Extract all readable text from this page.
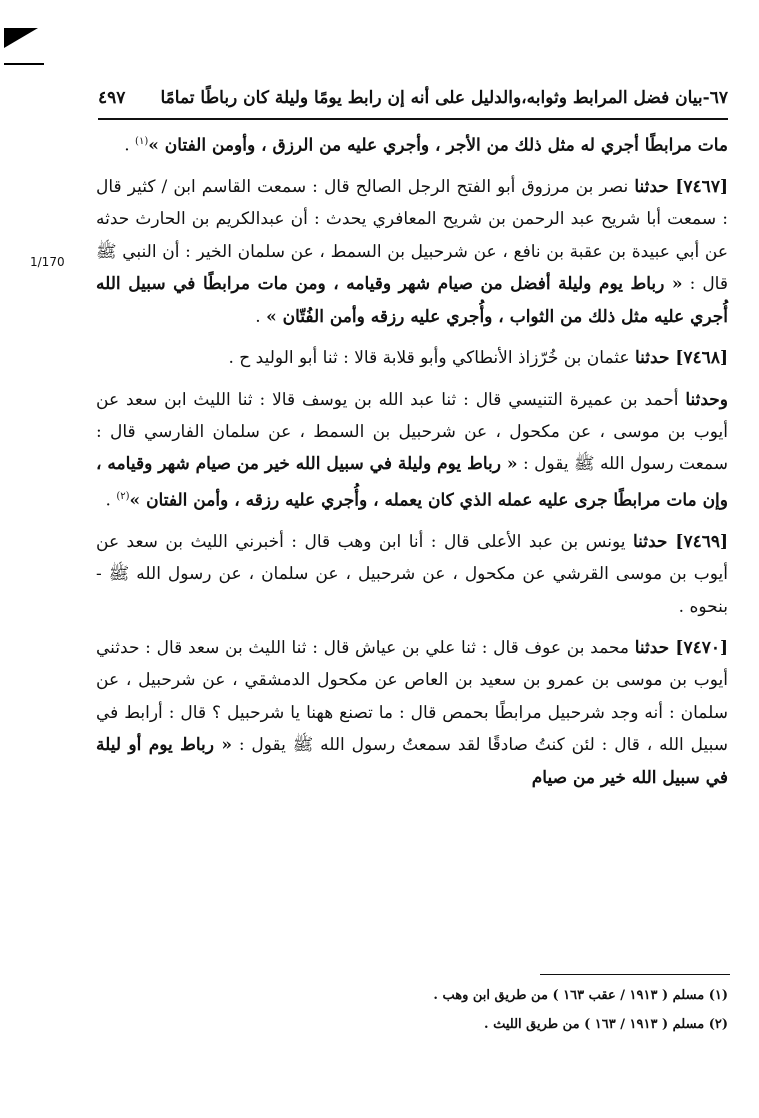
٦٧-بيان فضل المرابط وثوابه،والدليل على أنه إن رابط يومًا وليلة كان رباطًا تمامًا
٤٩٧
1/170

مات مرابطًا أجري له مثل ذلك من الأجر ، وأجري عليه من الرزق ، وأومن الفتان »$^{(١)}$ .

[٧٤٦٧] حدثنا نصر بن مرزوق أبو الفتح الرجل الصالح قال : سمعت القاسم ابن / كثير قال : سمعت أبا شريح عبد الرحمن بن شريح المعافري يحدث : أن عبدالكريم بن الحارث حدثه عن أبي عبيدة بن عقبة بن نافع ، عن شرحبيل بن السمط ، عن سلمان الخير : أن النبي ﷺ قال : « رباط يوم وليلة أفضل من صيام شهر وقيامه ، ومن مات مرابطًا في سبيل الله أُجري عليه مثل ذلك من الثواب ، وأُجري عليه رزقه وأمن الفُتّان » .

[٧٤٦٨] حدثنا عثمان بن خُرّزاذ الأنطاكي وأبو قلابة قالا : ثنا أبو الوليد ح .

وحدثنا أحمد بن عميرة التنيسي قال : ثنا عبد الله بن يوسف قالا : ثنا الليث ابن سعد عن أيوب بن موسى ، عن مكحول ، عن شرحبيل بن السمط ، عن سلمان الفارسي قال : سمعت رسول الله ﷺ يقول : « رباط يوم وليلة في سبيل الله خير من صيام شهر وقيامه ، وإن مات مرابطًا جرى عليه عمله الذي كان يعمله ، وأُجري عليه رزقه ، وأمن الفتان »$^{(٢)}$ .

[٧٤٦٩] حدثنا يونس بن عبد الأعلى قال : أنا ابن وهب قال : أخبرني الليث بن سعد عن أيوب بن موسى القرشي عن مكحول ، عن شرحبيل ، عن سلمان ، عن رسول الله ﷺ - بنحوه .

[٧٤٧٠] حدثنا محمد بن عوف قال : ثنا علي بن عياش قال : ثنا الليث بن سعد قال : حدثني أيوب بن موسى بن عمرو بن سعيد بن العاص عن مكحول الدمشقي ، عن شرحبيل ، عن سلمان : أنه وجد شرحبيل مرابطًا بحمص قال : ما تصنع ههنا يا شرحبيل ؟ قال : أرابط في سبيل الله ، قال : لئن كنتُ صادقًا لقد سمعتُ رسول الله ﷺ يقول : « رباط يوم أو ليلة في سبيل الله خير من صيام

(١) مسلم ( ١٩١٣ / عقب ١٦٣ ) من طريق ابن وهب .
(٢) مسلم ( ١٩١٣ / ١٦٣ ) من طريق الليث .
